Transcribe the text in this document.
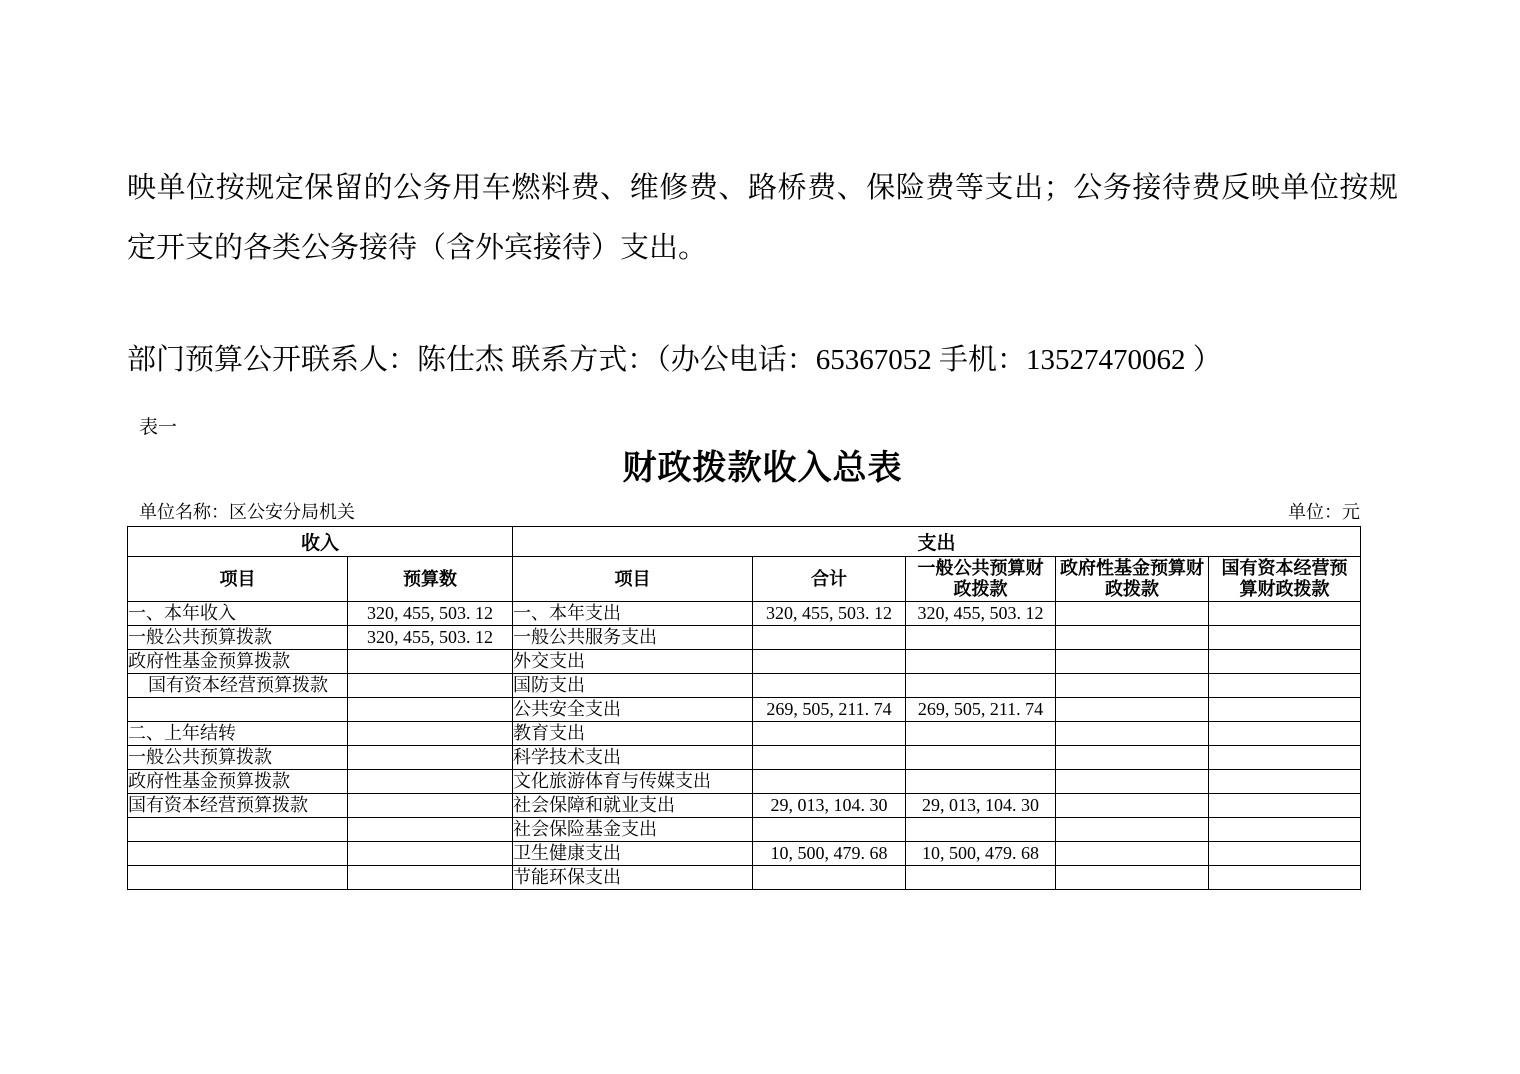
映单位按规定保留的公务用车燃料费、维修费、路桥费、保险费等支出；公务接待费反映单位按规
定开支的各类公务接待（含外宾接待）支出。
部门预算公开联系人：陈仕杰 联系方式：（办公电话：65367052 手机：13527470062 ）
表一
财政拨款收入总表
单位名称：区公安分局机关	单位：元
收入		支出				
项目	预算数	项目	合计	一般公共预算财政拨款	政府性基金预算财政拨款	国有资本经营预算财政拨款
一、本年收入	320, 455, 503. 12	一、本年支出	320, 455, 503. 12	320, 455, 503. 12		
一般公共预算拨款	320, 455, 503. 12	一般公共服务支出				
政府性基金预算拨款		外交支出				
国有资本经营预算拨款		国防支出				
		公共安全支出	269, 505, 211. 74	269, 505, 211. 74		
二、上年结转		教育支出				
一般公共预算拨款		科学技术支出				
政府性基金预算拨款		文化旅游体育与传媒支出				
国有资本经营预算拨款		社会保障和就业支出	29, 013, 104. 30	29, 013, 104. 30		
		社会保险基金支出				
		卫生健康支出	10, 500, 479. 68	10, 500, 479. 68		
		节能环保支出				
